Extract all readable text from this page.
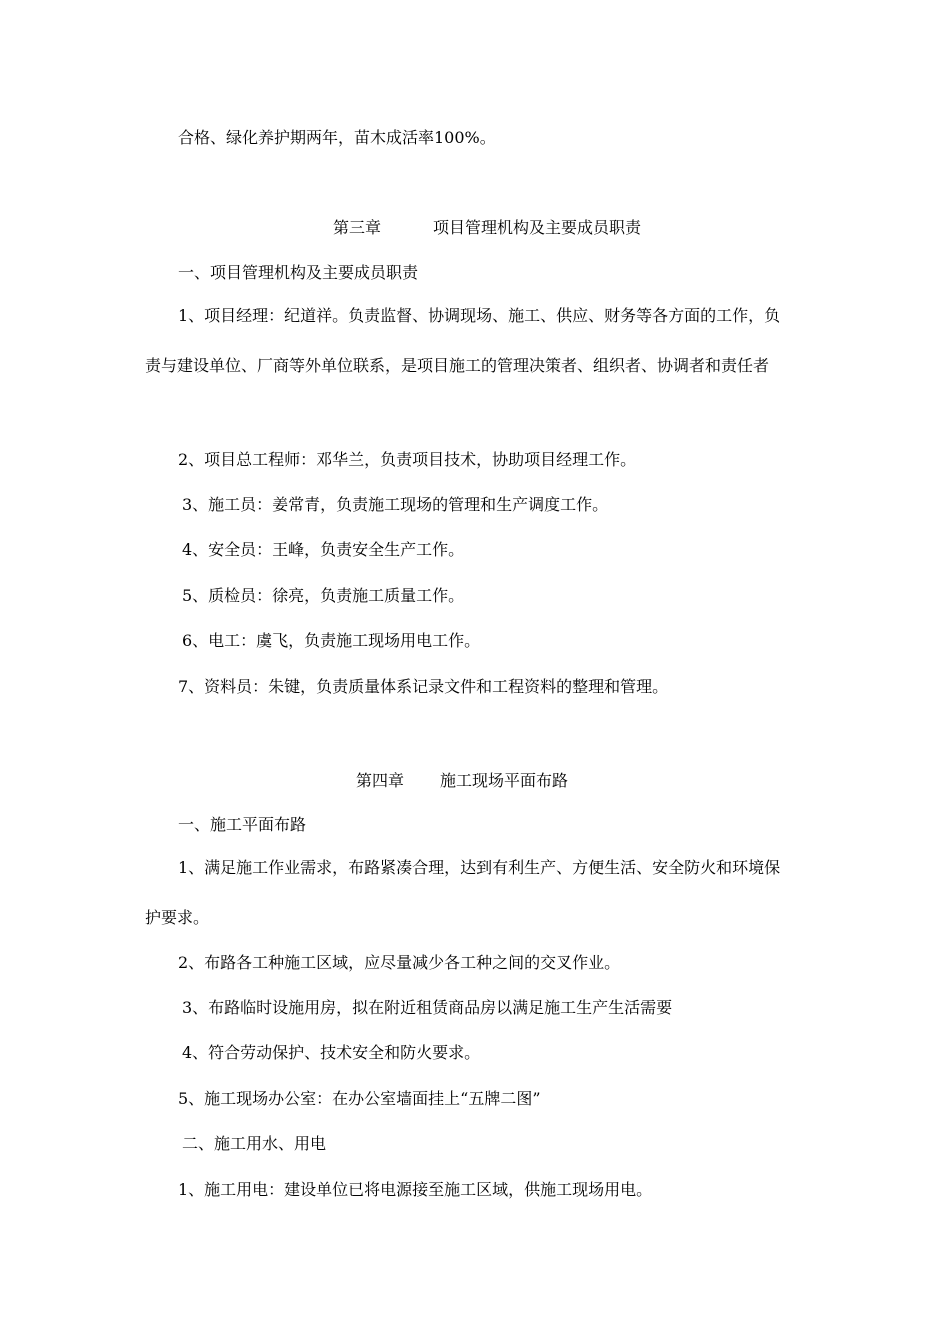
合格、绿化养护期两年，苗木成活率100%。
第三章	项目管理机构及主要成员职责
一、项目管理机构及主要成员职责
1、项目经理：纪道祥。负责监督、协调现场、施工、供应、财务等各方面的工作，负
责与建设单位、厂商等外单位联系，是项目施工的管理决策者、组织者、协调者和责任者
2、项目总工程师：邓华兰，负责项目技术，协助项目经理工作。
3、施工员：姜常青，负责施工现场的管理和生产调度工作。
4、安全员：王峰，负责安全生产工作。
5、质检员：徐亮，负责施工质量工作。
6、电工：虞飞，负责施工现场用电工作。
7、资料员：朱键，负责质量体系记录文件和工程资料的整理和管理。
第四章 施工现场平面布路
一、施工平面布路
1、满足施工作业需求，布路紧凑合理，达到有利生产、方便生活、安全防火和环境保
护要求。
2、布路各工种施工区域，应尽量减少各工种之间的交叉作业。
3、布路临时设施用房，拟在附近租赁商品房以满足施工生产生活需要
4、符合劳动保护、技术安全和防火要求。
5、施工现场办公室：在办公室墙面挂上“五牌二图”
二、施工用水、用电
1、施工用电：建设单位已将电源接至施工区域，供施工现场用电。
